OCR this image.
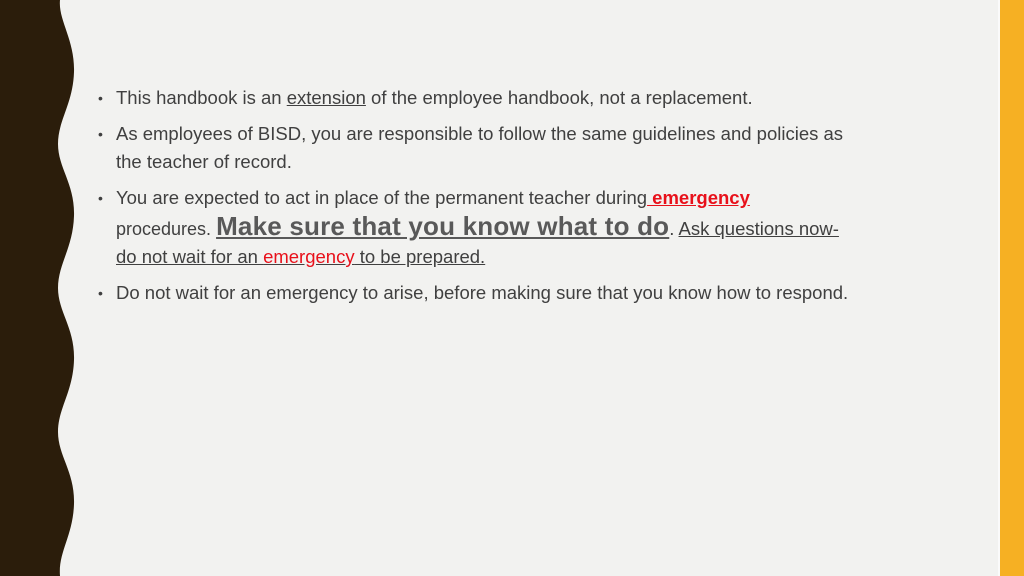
• This handbook is an extension of the employee handbook, not a replacement.
• As employees of BISD, you are responsible to follow the same guidelines and policies as the teacher of record.
• You are expected to act in place of the permanent teacher during emergency
procedures. Make sure that you know what to do. Ask questions now- do not wait for an emergency to be prepared.
• Do not wait for an emergency to arise, before making sure that you know how to respond.
